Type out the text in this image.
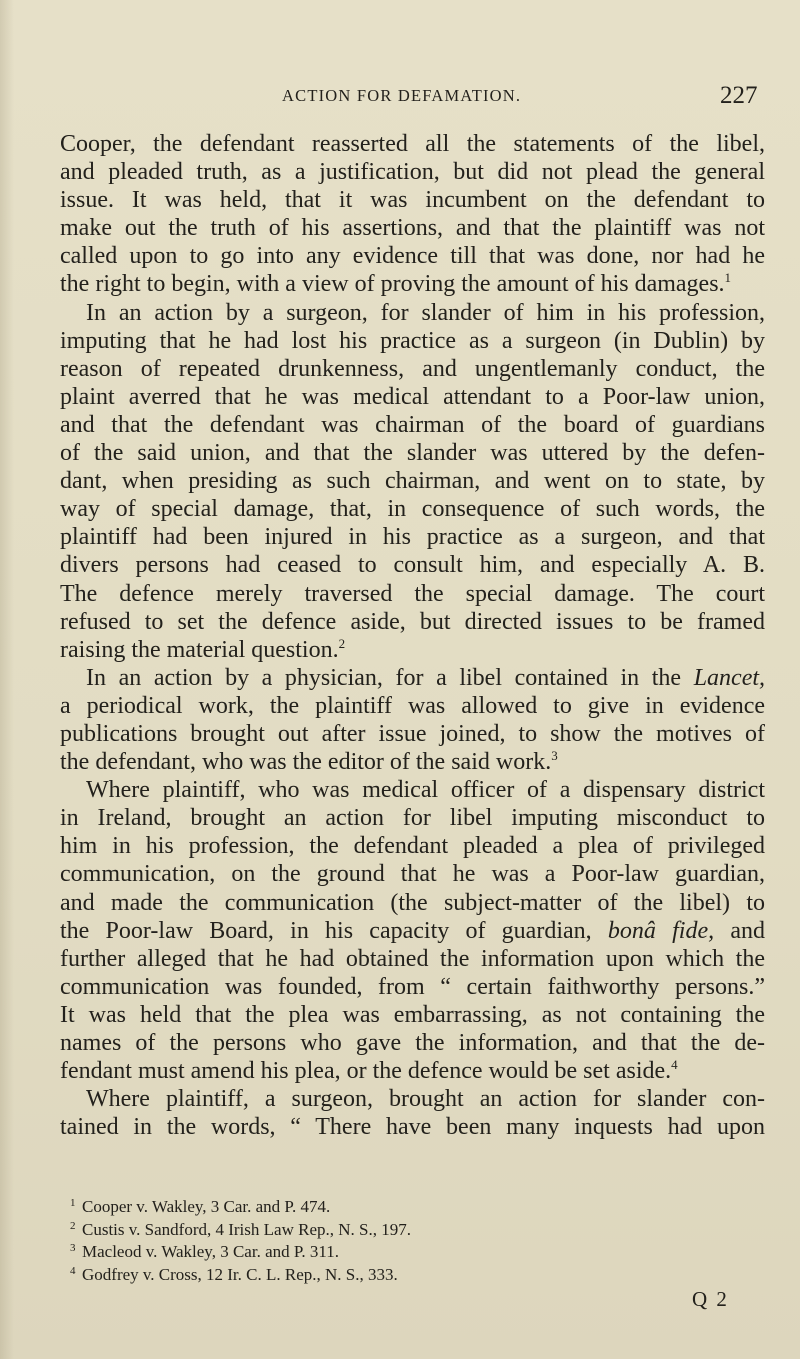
ACTION FOR DEFAMATION.	227
Cooper, the defendant reasserted all the statements of the libel,
and pleaded truth, as a justification, but did not plead the general
issue. It was held, that it was incumbent on the defendant to
make out the truth of his assertions, and that the plaintiff was not
called upon to go into any evidence till that was done, nor had he
the right to begin, with a view of proving the amount of his damages.$^1$
In an action by a surgeon, for slander of him in his profession,
imputing that he had lost his practice as a surgeon (in Dublin) by
reason of repeated drunkenness, and ungentlemanly conduct, the
plaint averred that he was medical attendant to a Poor-law union,
and that the defendant was chairman of the board of guardians
of the said union, and that the slander was uttered by the defen-
dant, when presiding as such chairman, and went on to state, by
way of special damage, that, in consequence of such words, the
plaintiff had been injured in his practice as a surgeon, and that
divers persons had ceased to consult him, and especially A. B.
The defence merely traversed the special damage. The court
refused to set the defence aside, but directed issues to be framed
raising the material question.$^2$
In an action by a physician, for a libel contained in the Lancet,
a periodical work, the plaintiff was allowed to give in evidence
publications brought out after issue joined, to show the motives of
the defendant, who was the editor of the said work.$^3$
Where plaintiff, who was medical officer of a dispensary district
in Ireland, brought an action for libel imputing misconduct to
him in his profession, the defendant pleaded a plea of privileged
communication, on the ground that he was a Poor-law guardian,
and made the communication (the subject-matter of the libel) to
the Poor-law Board, in his capacity of guardian, bonâ fide, and
further alleged that he had obtained the information upon which the
communication was founded, from “ certain faithworthy persons.”
It was held that the plea was embarrassing, as not containing the
names of the persons who gave the information, and that the de-
fendant must amend his plea, or the defence would be set aside.$^4$
Where plaintiff, a surgeon, brought an action for slander con-
tained in the words, “ There have been many inquests had upon
1 Cooper v. Wakley, 3 Car. and P. 474.
2 Custis v. Sandford, 4 Irish Law Rep., N. S., 197.
3 Macleod v. Wakley, 3 Car. and P. 311.
4 Godfrey v. Cross, 12 Ir. C. L. Rep., N. S., 333.
Q 2
